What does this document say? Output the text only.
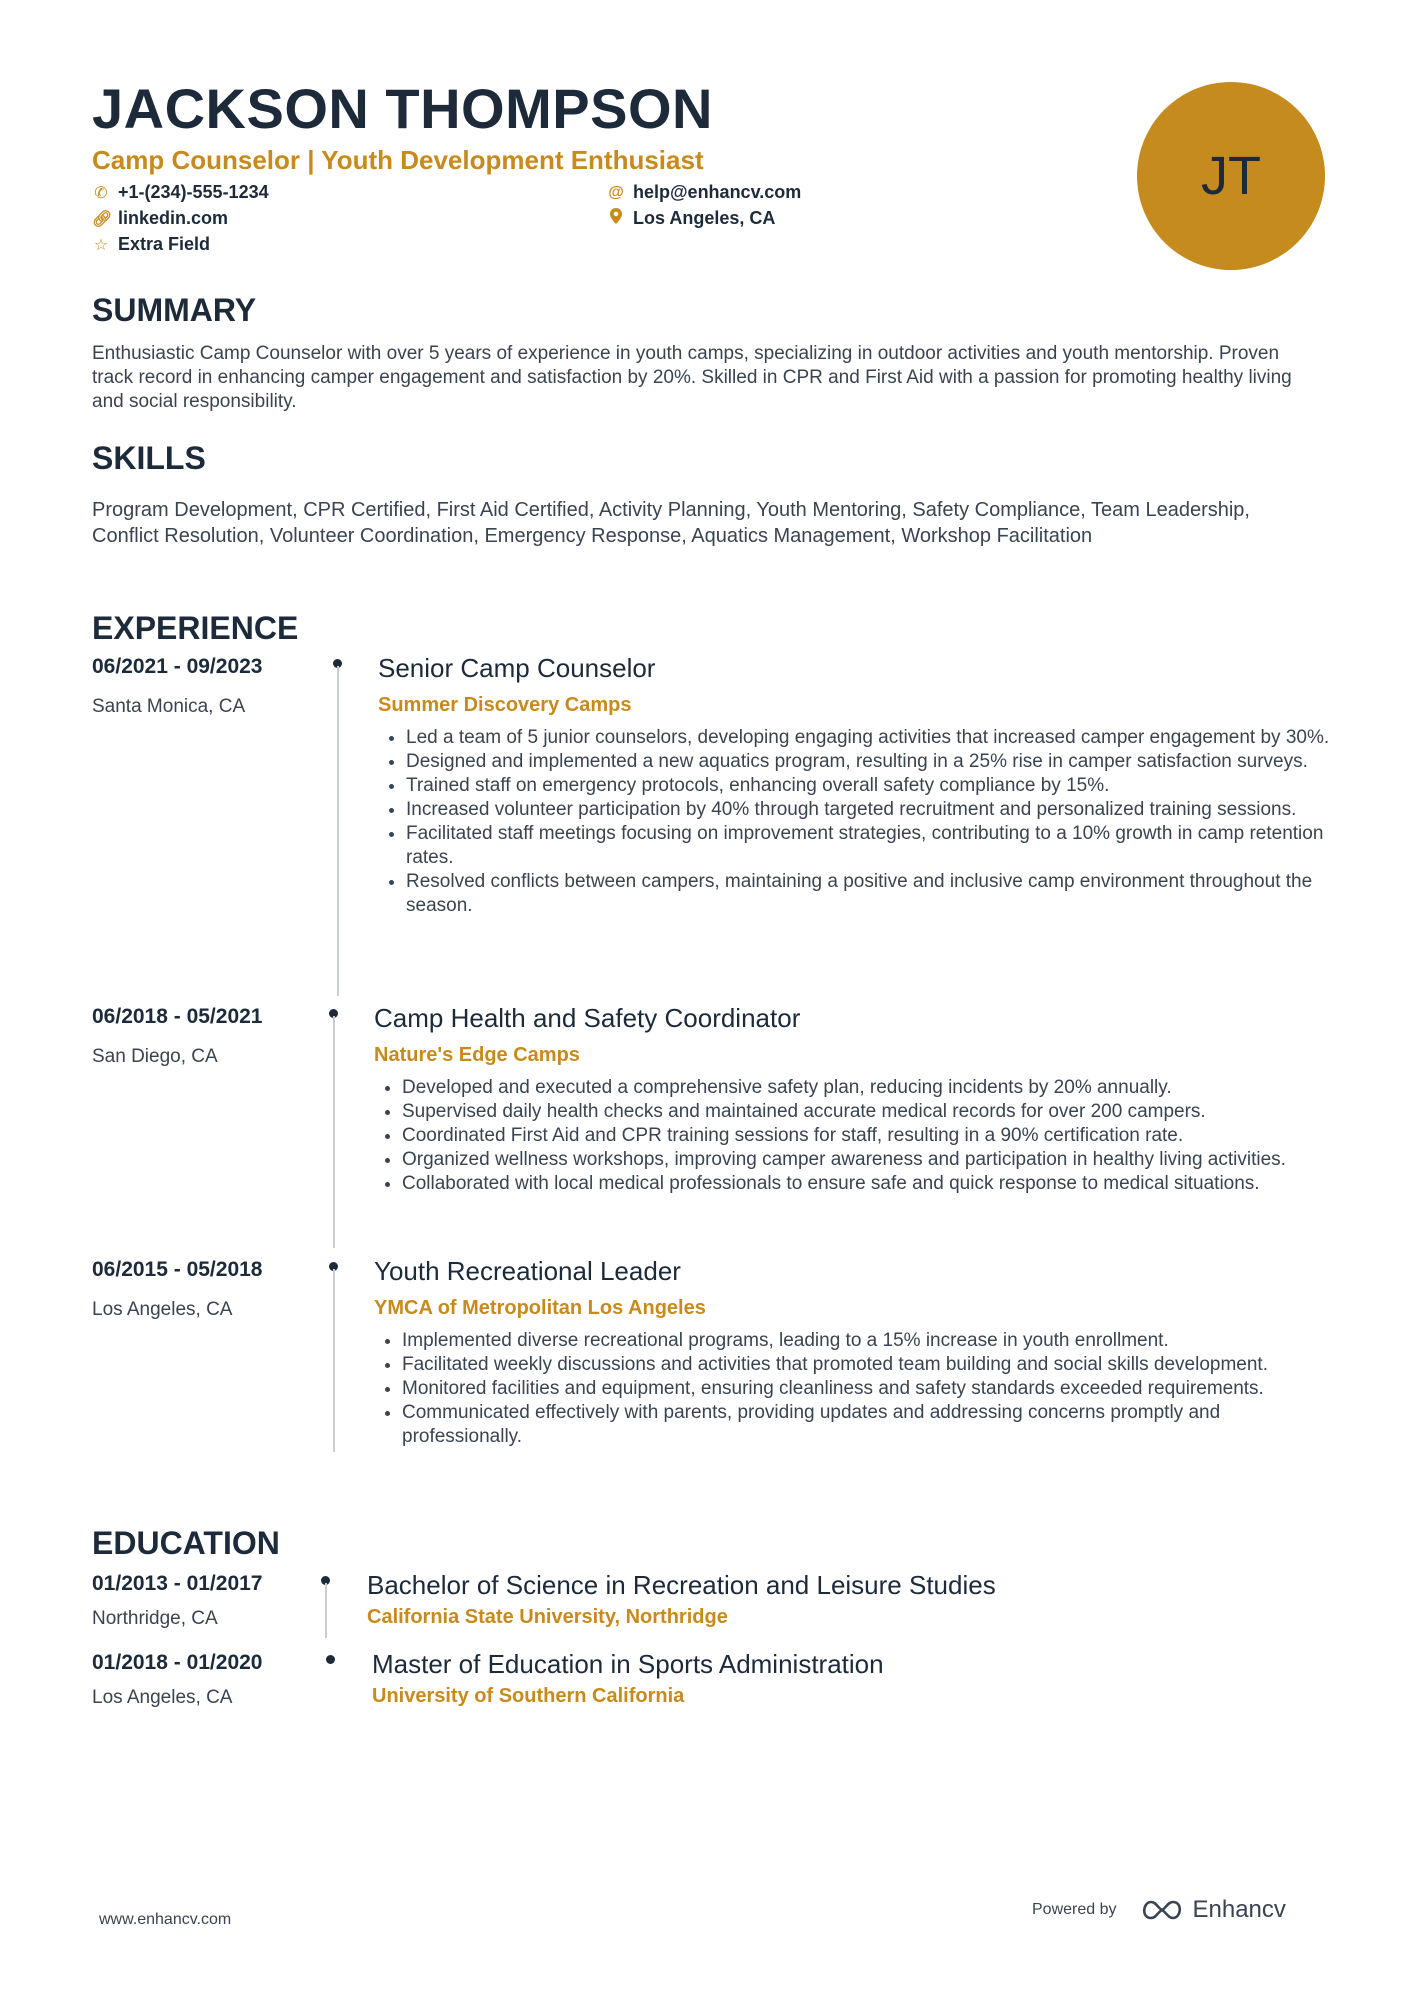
JACKSON THOMPSON
Camp Counselor | Youth Development Enthusiast
✆ +1-(234)-555-1234	@ help@enhancv.com
🔗︎ linkedin.com	Los Angeles, CA
☆ Extra Field
JT
SUMMARY

Enthusiastic Camp Counselor with over 5 years of experience in youth camps, specializing in outdoor activities and youth mentorship. Proven track record in enhancing camper engagement and satisfaction by 20%. Skilled in CPR and First Aid with a passion for promoting healthy living and social responsibility.

SKILLS

Program Development, CPR Certified, First Aid Certified, Activity Planning, Youth Mentoring, Safety Compliance, Team Leadership, Conflict Resolution, Volunteer Coordination, Emergency Response, Aquatics Management, Workshop Facilitation

EXPERIENCE
06/2021 - 09/2023
Santa Monica, CA
Senior Camp Counselor
Summer Discovery Camps
• Led a team of 5 junior counselors, developing engaging activities that increased camper engagement by 30%.
• Designed and implemented a new aquatics program, resulting in a 25% rise in camper satisfaction surveys.
• Trained staff on emergency protocols, enhancing overall safety compliance by 15%.
• Increased volunteer participation by 40% through targeted recruitment and personalized training sessions.
• Facilitated staff meetings focusing on improvement strategies, contributing to a 10% growth in camp retention rates.
• Resolved conflicts between campers, maintaining a positive and inclusive camp environment throughout the season.
06/2018 - 05/2021
San Diego, CA
Camp Health and Safety Coordinator
Nature's Edge Camps
• Developed and executed a comprehensive safety plan, reducing incidents by 20% annually.
• Supervised daily health checks and maintained accurate medical records for over 200 campers.
• Coordinated First Aid and CPR training sessions for staff, resulting in a 90% certification rate.
• Organized wellness workshops, improving camper awareness and participation in healthy living activities.
• Collaborated with local medical professionals to ensure safe and quick response to medical situations.
06/2015 - 05/2018
Los Angeles, CA
Youth Recreational Leader
YMCA of Metropolitan Los Angeles
• Implemented diverse recreational programs, leading to a 15% increase in youth enrollment.
• Facilitated weekly discussions and activities that promoted team building and social skills development.
• Monitored facilities and equipment, ensuring cleanliness and safety standards exceeded requirements.
• Communicated effectively with parents, providing updates and addressing concerns promptly and professionally.
EDUCATION
01/2013 - 01/2017
Northridge, CA
Bachelor of Science in Recreation and Leisure Studies
California State University, Northridge
01/2018 - 01/2020
Los Angeles, CA
Master of Education in Sports Administration
University of Southern California
www.enhancv.com
Powered by	Enhancv
